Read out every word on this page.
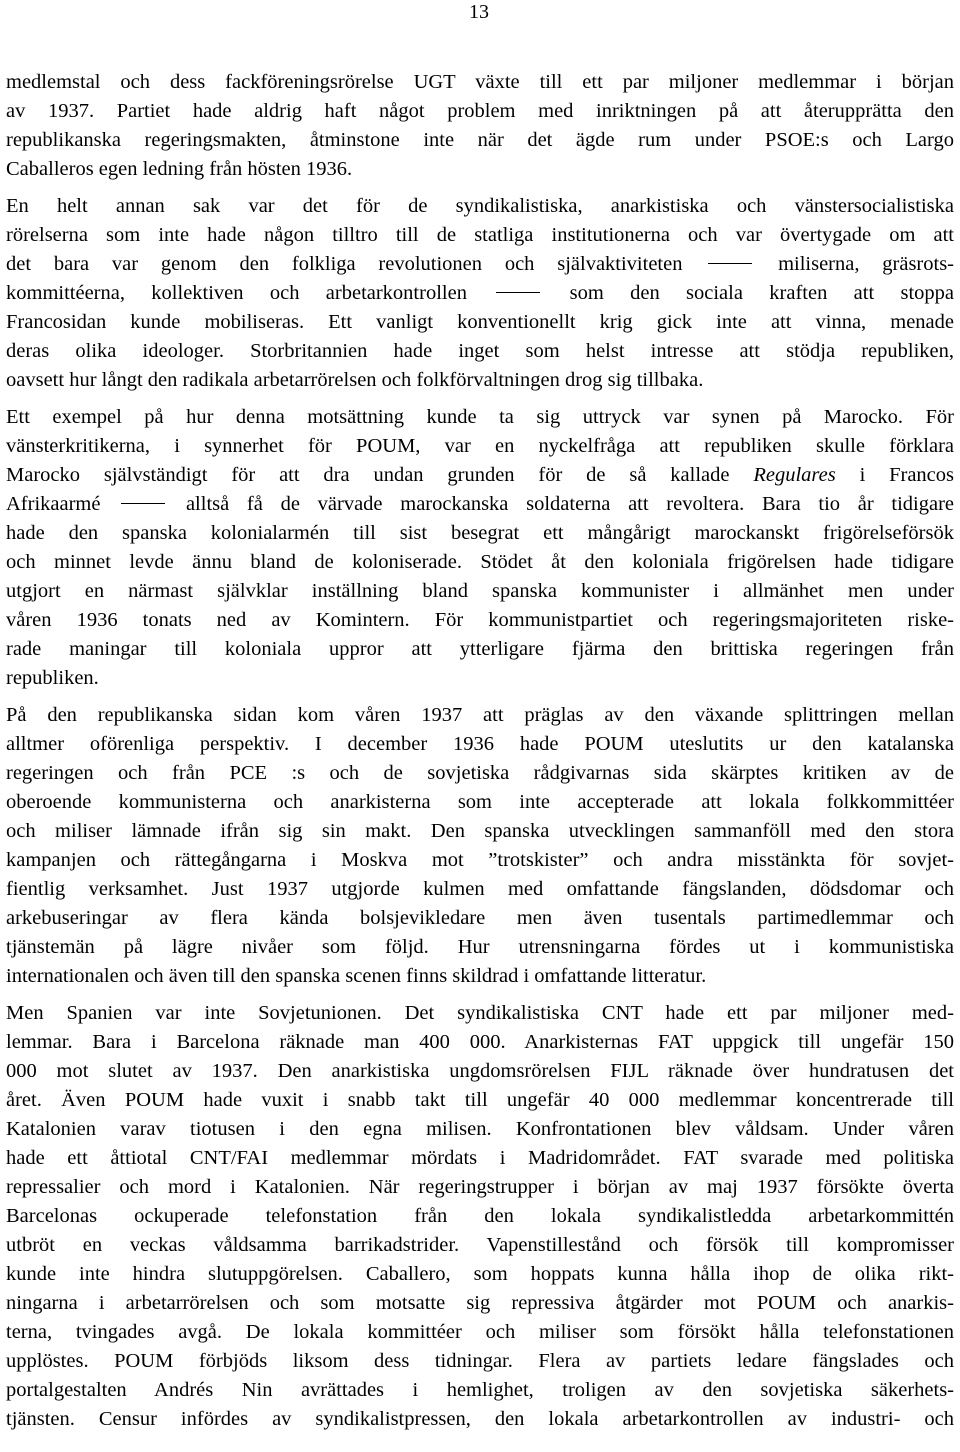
13

medlemstal och dess fackföreningsrörelse UGT växte till ett par miljoner medlemmar i början
av 1937. Partiet hade aldrig haft något problem med inriktningen på att återupprätta den
republikanska regeringsmakten, åtminstone inte när det ägde rum under PSOE:s och Largo
Caballeros egen ledning från hösten 1936.

En helt annan sak var det för de syndikalistiska, anarkistiska och vänstersocialistiska
rörelserna som inte hade någon tilltro till de statliga institutionerna och var övertygade om att
det bara var genom den folkliga revolutionen och självaktiviteten	miliserna, gräsrots-
kommittéerna, kollektiven och arbetarkontrollen	som den sociala kraften att stoppa
Francosidan kunde mobiliseras. Ett vanligt konventionellt krig gick inte att vinna, menade
deras olika ideologer. Storbritannien hade inget som helst intresse att stödja republiken,
oavsett hur långt den radikala arbetarrörelsen och folkförvaltningen drog sig tillbaka.

Ett exempel på hur denna motsättning kunde ta sig uttryck var synen på Marocko. För
vänsterkritikerna, i synnerhet för POUM, var en nyckelfråga att republiken skulle förklara
Marocko självständigt för att dra undan grunden för de så kallade Regulares i Francos
Afrikaarmé	alltså få de värvade marockanska soldaterna att revoltera. Bara tio år tidigare
hade den spanska kolonialarmén till sist besegrat ett mångårigt marockanskt frigörelseförsök
och minnet levde ännu bland de koloniserade. Stödet åt den koloniala frigörelsen hade tidigare
utgjort en närmast självklar inställning bland spanska kommunister i allmänhet men under
våren 1936 tonats ned av Komintern. För kommunistpartiet och regeringsmajoriteten riske-
rade maningar till koloniala uppror att ytterligare fjärma den brittiska regeringen från
republiken.

På den republikanska sidan kom våren 1937 att präglas av den växande splittringen mellan
alltmer oförenliga perspektiv. I december 1936 hade POUM uteslutits ur den katalanska
regeringen och från PCE :s och de sovjetiska rådgivarnas sida skärptes kritiken av de
oberoende kommunisterna och anarkisterna som inte accepterade att lokala folkkommittéer
och miliser lämnade ifrån sig sin makt. Den spanska utvecklingen sammanföll med den stora
kampanjen och rättegångarna i Moskva mot ”trotskister” och andra misstänkta för sovjet-
fientlig verksamhet. Just 1937 utgjorde kulmen med omfattande fängslanden, dödsdomar och
arkebuseringar av flera kända bolsjevikledare men även tusentals partimedlemmar och
tjänstemän på lägre nivåer som följd. Hur utrensningarna fördes ut i kommunistiska
internationalen och även till den spanska scenen finns skildrad i omfattande litteratur.

Men Spanien var inte Sovjetunionen. Det syndikalistiska CNT hade ett par miljoner med-
lemmar. Bara i Barcelona räknade man 400 000. Anarkisternas FAT uppgick till ungefär 150
000 mot slutet av 1937. Den anarkistiska ungdomsrörelsen FIJL räknade över hundratusen det
året. Även POUM hade vuxit i snabb takt till ungefär 40 000 medlemmar koncentrerade till
Katalonien varav tiotusen i den egna milisen. Konfrontationen blev våldsam. Under våren
hade ett åttiotal CNT/FAI medlemmar mördats i Madridområdet. FAT svarade med politiska
repressalier och mord i Katalonien. När regeringstrupper i början av maj 1937 försökte överta
Barcelonas ockuperade telefonstation från den lokala syndikalistledda arbetarkommittén
utbröt en veckas våldsamma barrikadstrider. Vapenstillestånd och försök till kompromisser
kunde inte hindra slutuppgörelsen. Caballero, som hoppats kunna hålla ihop de olika rikt-
ningarna i arbetarrörelsen och som motsatte sig repressiva åtgärder mot POUM och anarkis-
terna, tvingades avgå. De lokala kommittéer och miliser som försökt hålla telefonstationen
upplöstes. POUM förbjöds liksom dess tidningar. Flera av partiets ledare fängslades och
portalgestalten Andrés Nin avrättades i hemlighet, troligen av den sovjetiska säkerhets-
tjänsten. Censur infördes av syndikalistpressen, den lokala arbetarkontrollen av industri- och
